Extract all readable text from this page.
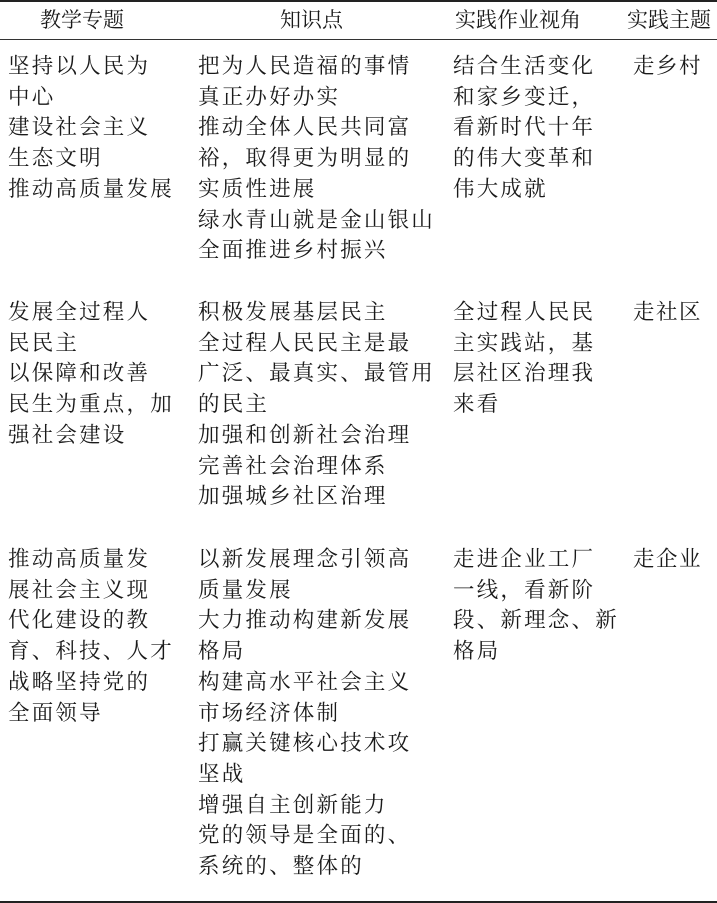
教学专题	知识点	实践作业视角 实践主题
坚持以人民为
中心
建设社会主义
生态文明
推动高质量发展
把为人民造福的事情
真正办好办实
推动全体人民共同富
裕，取得更为明显的
实质性进展
绿水青山就是金山银山
全面推进乡村振兴
结合生活变化
和家乡变迁，
看新时代十年
的伟大变革和
伟大成就
走乡村
发展全过程人
民民主
以保障和改善
民生为重点，加
强社会建设
积极发展基层民主
全过程人民民主是最
广泛、最真实、最管用
的民主
加强和创新社会治理
完善社会治理体系
加强城乡社区治理
全过程人民民
主实践站，基
层社区治理我
来看
走社区
推动高质量发
展社会主义现
代化建设的教
育、科技、人才
战略坚持党的
全面领导
以新发展理念引领高
质量发展
大力推动构建新发展
格局
构建高水平社会主义
市场经济体制
打赢关键核心技术攻
坚战
增强自主创新能力
党的领导是全面的、
系统的、整体的
走进企业工厂
一线，看新阶
段、新理念、新
格局
走企业
